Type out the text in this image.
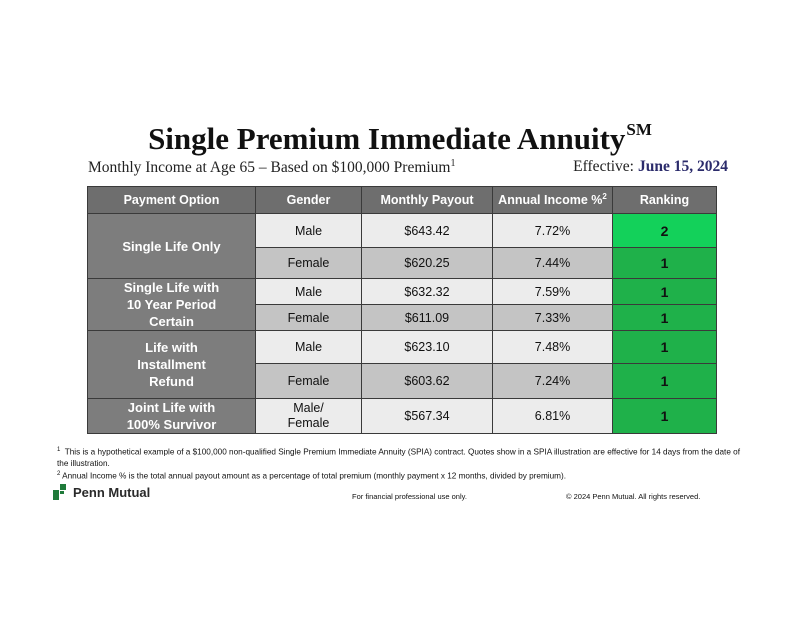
Single Premium Immediate Annuity℠
Monthly Income at Age 65 – Based on $100,000 Premium$^1$	Effective: June 15, 2024
Payment Option	Gender	Monthly Payout	Annual Income %$^2$	Ranking

Single Life Only	Male	$643.42	7.72%	2
	Female	$620.25	7.44%	1

Single Life with 10 Year Period Certain	Male	$632.32	7.59%	1
	Female	$611.09	7.33%	1

Life with Installment Refund	Male	$623.10	7.48%	1
	Female	$603.62	7.24%	1

Joint Life with 100% Survivor	Male/ Female	$567.34	6.81%	1
$^1$ This is a hypothetical example of a $100,000 non-qualified Single Premium Immediate Annuity (SPIA) contract. Quotes show in a SPIA illustration are effective for 14 days from the date of the illustration.
$^2$ Annual Income % is the total annual payout amount as a percentage of total premium (monthly payment x 12 months, divided by premium).
Penn Mutual	For financial professional use only.	© 2024 Penn Mutual. All rights reserved.
